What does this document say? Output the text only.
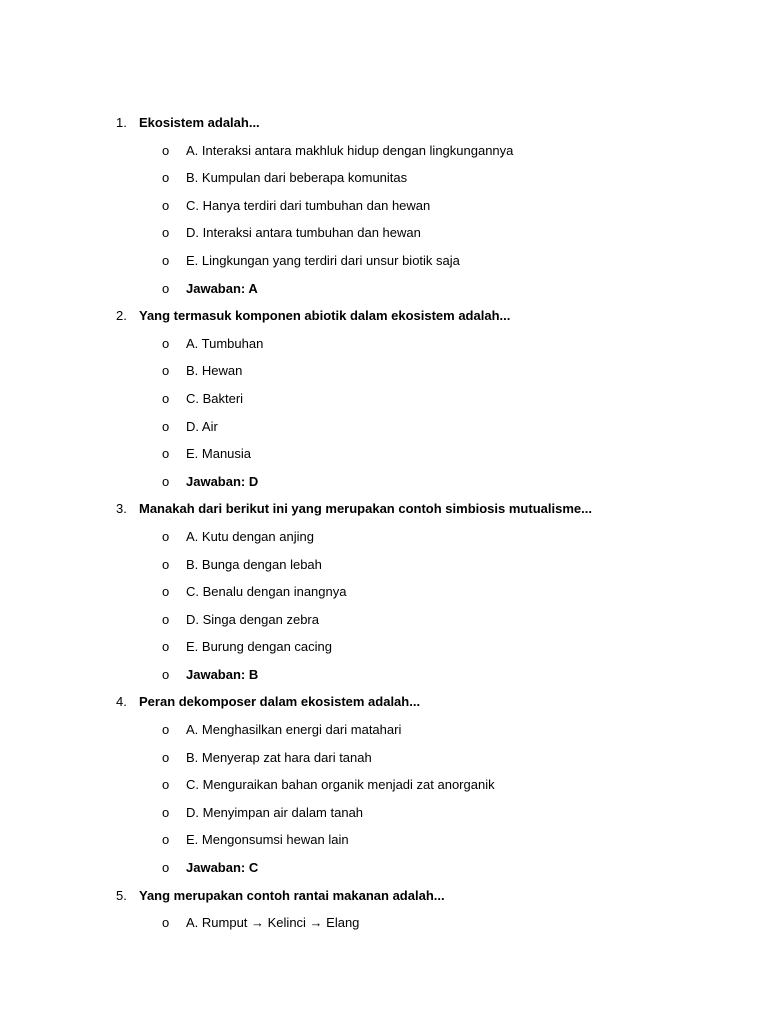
1. Ekosistem adalah...
o A. Interaksi antara makhluk hidup dengan lingkungannya
o B. Kumpulan dari beberapa komunitas
o C. Hanya terdiri dari tumbuhan dan hewan
o D. Interaksi antara tumbuhan dan hewan
o E. Lingkungan yang terdiri dari unsur biotik saja
o Jawaban: A
2. Yang termasuk komponen abiotik dalam ekosistem adalah...
o A. Tumbuhan
o B. Hewan
o C. Bakteri
o D. Air
o E. Manusia
o Jawaban: D
3. Manakah dari berikut ini yang merupakan contoh simbiosis mutualisme...
o A. Kutu dengan anjing
o B. Bunga dengan lebah
o C. Benalu dengan inangnya
o D. Singa dengan zebra
o E. Burung dengan cacing
o Jawaban: B
4. Peran dekomposer dalam ekosistem adalah...
o A. Menghasilkan energi dari matahari
o B. Menyerap zat hara dari tanah
o C. Menguraikan bahan organik menjadi zat anorganik
o D. Menyimpan air dalam tanah
o E. Mengonsumsi hewan lain
o Jawaban: C
5. Yang merupakan contoh rantai makanan adalah...
o A. Rumput → Kelinci → Elang
